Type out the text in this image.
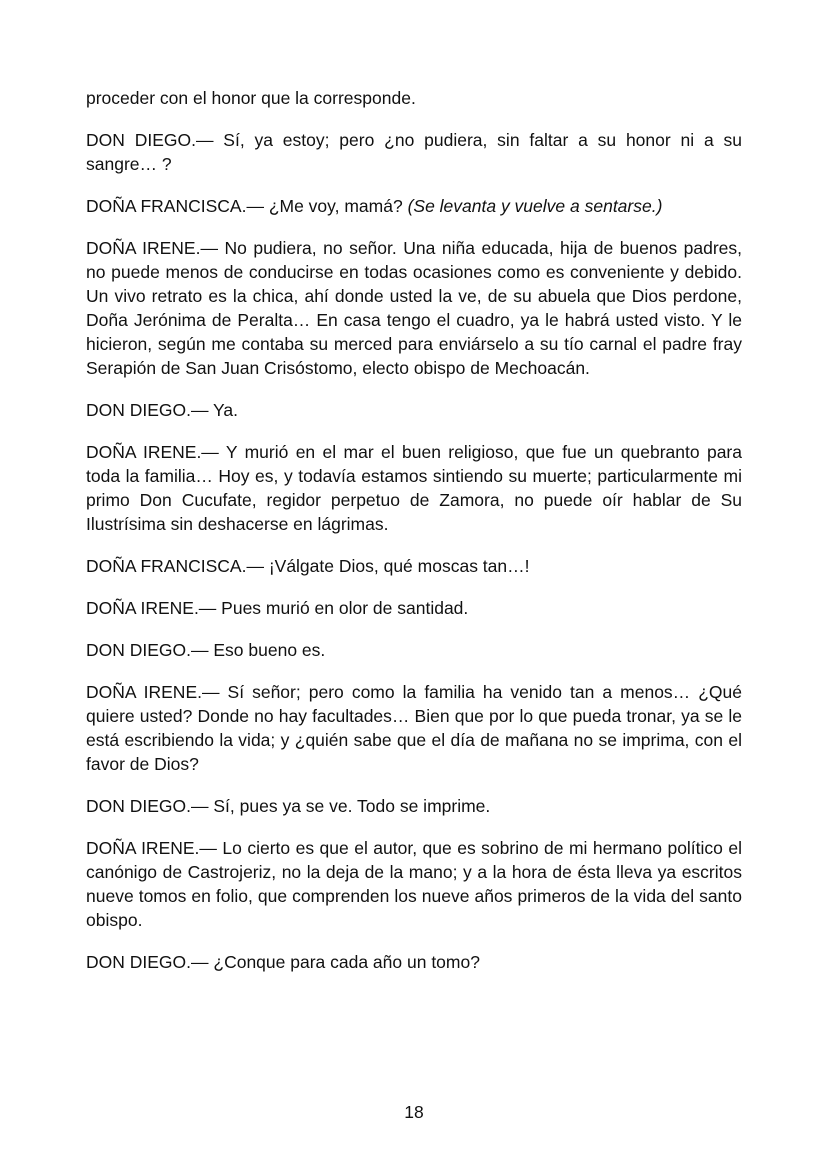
proceder con el honor que la corresponde.

DON DIEGO.— Sí, ya estoy; pero ¿no pudiera, sin faltar a su honor ni a su sangre… ?

DOÑA FRANCISCA.— ¿Me voy, mamá? (Se levanta y vuelve a sentarse.)

DOÑA IRENE.— No pudiera, no señor. Una niña educada, hija de buenos padres, no puede menos de conducirse en todas ocasiones como es conveniente y debido. Un vivo retrato es la chica, ahí donde usted la ve, de su abuela que Dios perdone, Doña Jerónima de Peralta… En casa tengo el cuadro, ya le habrá usted visto. Y le hicieron, según me contaba su merced para enviárselo a su tío carnal el padre fray Serapión de San Juan Crisóstomo, electo obispo de Mechoacán.

DON DIEGO.— Ya.

DOÑA IRENE.— Y murió en el mar el buen religioso, que fue un quebranto para toda la familia… Hoy es, y todavía estamos sintiendo su muerte; particularmente mi primo Don Cucufate, regidor perpetuo de Zamora, no puede oír hablar de Su Ilustrísima sin deshacerse en lágrimas.

DOÑA FRANCISCA.— ¡Válgate Dios, qué moscas tan…!

DOÑA IRENE.— Pues murió en olor de santidad.

DON DIEGO.— Eso bueno es.

DOÑA IRENE.— Sí señor; pero como la familia ha venido tan a menos… ¿Qué quiere usted? Donde no hay facultades… Bien que por lo que pueda tronar, ya se le está escribiendo la vida; y ¿quién sabe que el día de mañana no se imprima, con el favor de Dios?

DON DIEGO.— Sí, pues ya se ve. Todo se imprime.

DOÑA IRENE.— Lo cierto es que el autor, que es sobrino de mi hermano político el canónigo de Castrojeriz, no la deja de la mano; y a la hora de ésta lleva ya escritos nueve tomos en folio, que comprenden los nueve años primeros de la vida del santo obispo.

DON DIEGO.— ¿Conque para cada año un tomo?

18
